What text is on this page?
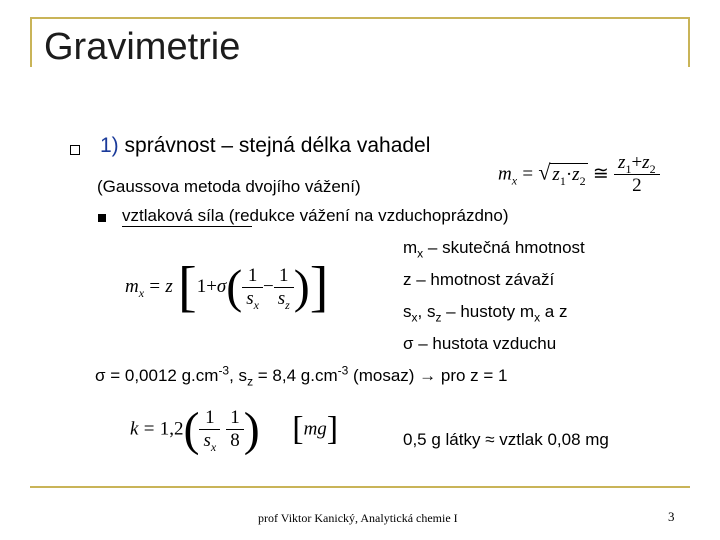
Gravimetrie
1) správnost – stejná délka vahadel
(Gaussova metoda dvojího vážení)
$m_x$ = √ $z_1\cdot z_2$ ≅ $\frac{z_1+z_2}{2}$
vztlaková síla (redukce vážení na vzduchoprázdno)
$m_x$ – skutečná hmotnost
z – hmotnost závaží
$s_x$, $s_z$ – hustoty $m_x$ a z
σ – hustota vzduchu
$m_x = z$ [$1+\sigma( \frac{1}{s_x} - \frac{1}{s_z}$ )]
σ = 0,0012 $g.cm^{-3}$, $s_z = 8,4$ $g.cm^{-3}$ (mosaz) → pro z = 1
$k = 1,2( \frac{1}{s_x} \frac{1}{8}$ ) [mg]	0,5 g látky ≈ vztlak 0,08 mg
prof Viktor Kanický, Analytická chemie I	3
